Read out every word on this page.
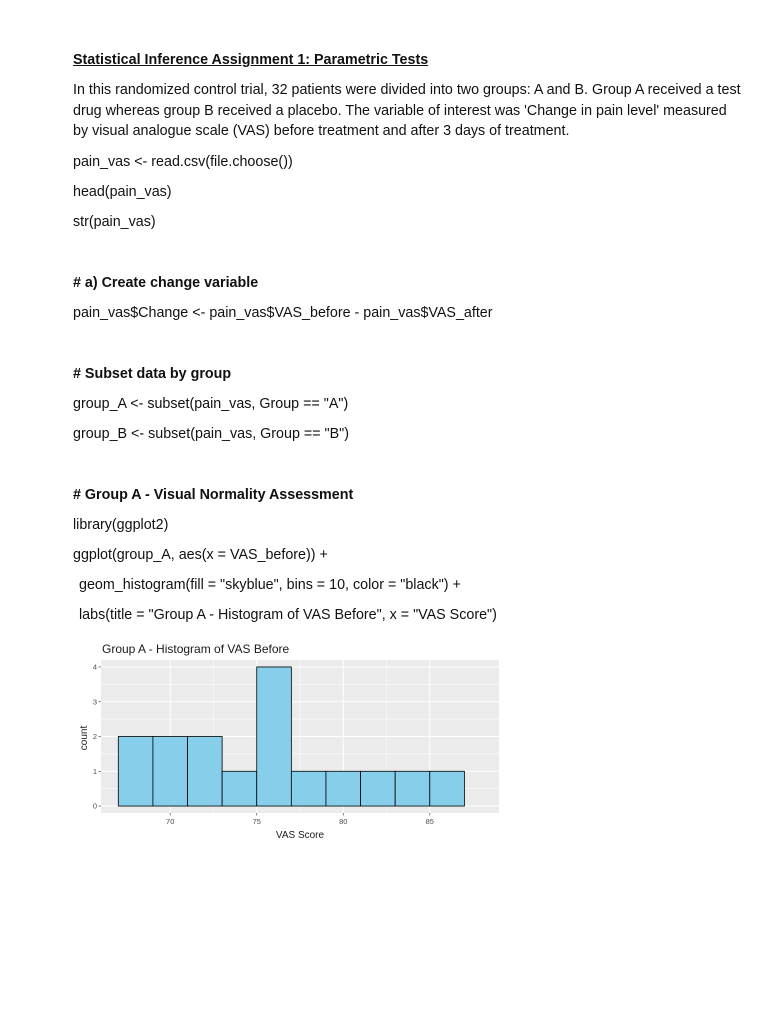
Statistical Inference Assignment 1: Parametric Tests

In this randomized control trial, 32 patients were divided into two groups: A and B. Group A received a test drug whereas group B received a placebo. The variable of interest was 'Change in pain level' measured by visual analogue scale (VAS) before treatment and after 3 days of treatment.

pain_vas <- read.csv(file.choose())

head(pain_vas)

str(pain_vas)

# a) Create change variable

pain_vas$Change <- pain_vas$VAS_before - pain_vas$VAS_after

# Subset data by group

group_A <- subset(pain_vas, Group == "A")

group_B <- subset(pain_vas, Group == "B")

# Group A - Visual Normality Assessment

library(ggplot2)

ggplot(group_A, aes(x = VAS_before)) +

geom_histogram(fill = "skyblue", bins = 10, color = "black") +

labs(title = "Group A - Histogram of VAS Before", x = "VAS Score")

Group A - Histogram of VAS Before
0
1
2
3
4
70	75	80	85
VAS Score
count
